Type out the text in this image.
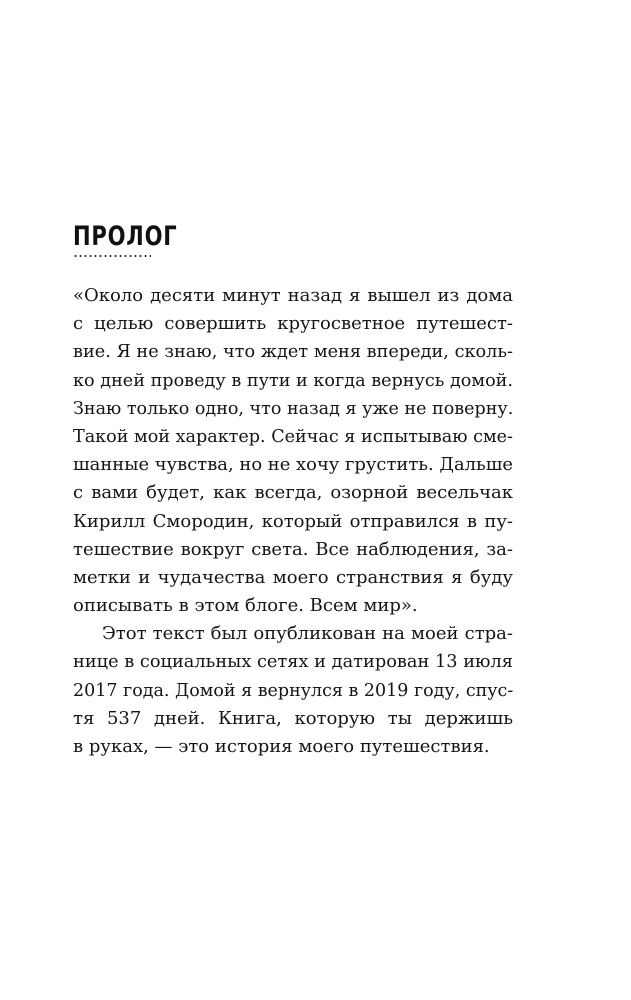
ПРОЛОГ
«Около десяти минут назад я вышел из дома
с целью совершить кругосветное путешест-
вие. Я не знаю, что ждет меня впереди, сколь-
ко дней проведу в пути и когда вернусь домой.
Знаю только одно, что назад я уже не поверну.
Такой мой характер. Сейчас я испытываю сме-
шанные чувства, но не хочу грустить. Дальше
с вами будет, как всегда, озорной весельчак
Кирилл Смородин, который отправился в пу-
тешествие вокруг света. Все наблюдения, за-
метки и чудачества моего странствия я буду
описывать в этом блоге. Всем мир».
Этот текст был опубликован на моей стра-
нице в социальных сетях и датирован 13 июля
2017 года. Домой я вернулся в 2019 году, спус-
тя 537 дней. Книга, которую ты держишь
в руках, — это история моего путешествия.
